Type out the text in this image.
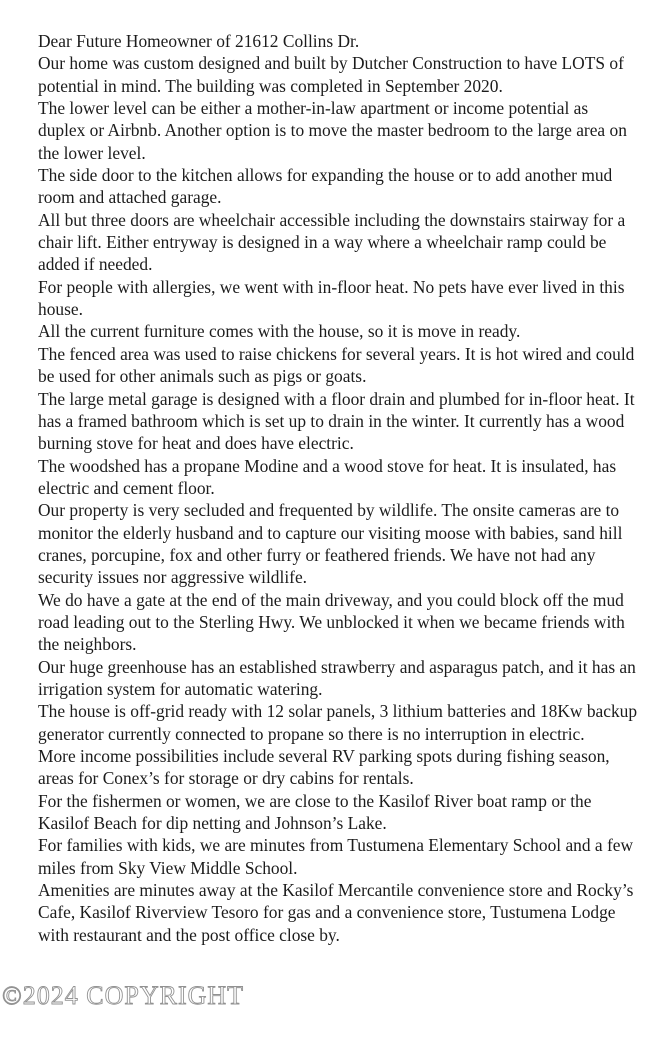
Dear Future Homeowner of 21612 Collins Dr.

Our home was custom designed and built by Dutcher Construction to have LOTS of potential in mind. The building was completed in September 2020.

The lower level can be either a mother-in-law apartment or income potential as duplex or Airbnb. Another option is to move the master bedroom to the large area on the lower level.

The side door to the kitchen allows for expanding the house or to add another mud room and attached garage.

All but three doors are wheelchair accessible including the downstairs stairway for a chair lift. Either entryway is designed in a way where a wheelchair ramp could be added if needed.

For people with allergies, we went with in-floor heat. No pets have ever lived in this house.

All the current furniture comes with the house, so it is move in ready.

The fenced area was used to raise chickens for several years. It is hot wired and could be used for other animals such as pigs or goats.

The large metal garage is designed with a floor drain and plumbed for in-floor heat. It has a framed bathroom which is set up to drain in the winter. It currently has a wood burning stove for heat and does have electric.

The woodshed has a propane Modine and a wood stove for heat. It is insulated, has electric and cement floor.

Our property is very secluded and frequented by wildlife. The onsite cameras are to monitor the elderly husband and to capture our visiting moose with babies, sand hill cranes, porcupine, fox and other furry or feathered friends. We have not had any security issues nor aggressive wildlife.

We do have a gate at the end of the main driveway, and you could block off the mud road leading out to the Sterling Hwy. We unblocked it when we became friends with the neighbors.

Our huge greenhouse has an established strawberry and asparagus patch, and it has an irrigation system for automatic watering.

The house is off-grid ready with 12 solar panels, 3 lithium batteries and 18Kw backup generator currently connected to propane so there is no interruption in electric.

More income possibilities include several RV parking spots during fishing season, areas for Conex’s for storage or dry cabins for rentals.

For the fishermen or women, we are close to the Kasilof River boat ramp or the Kasilof Beach for dip netting and Johnson’s Lake.

For families with kids, we are minutes from Tustumena Elementary School and a few miles from Sky View Middle School.

Amenities are minutes away at the Kasilof Mercantile convenience store and Rocky’s Cafe, Kasilof Riverview Tesoro for gas and a convenience store, Tustumena Lodge with restaurant and the post office close by.

©2024 COPYRIGHT
